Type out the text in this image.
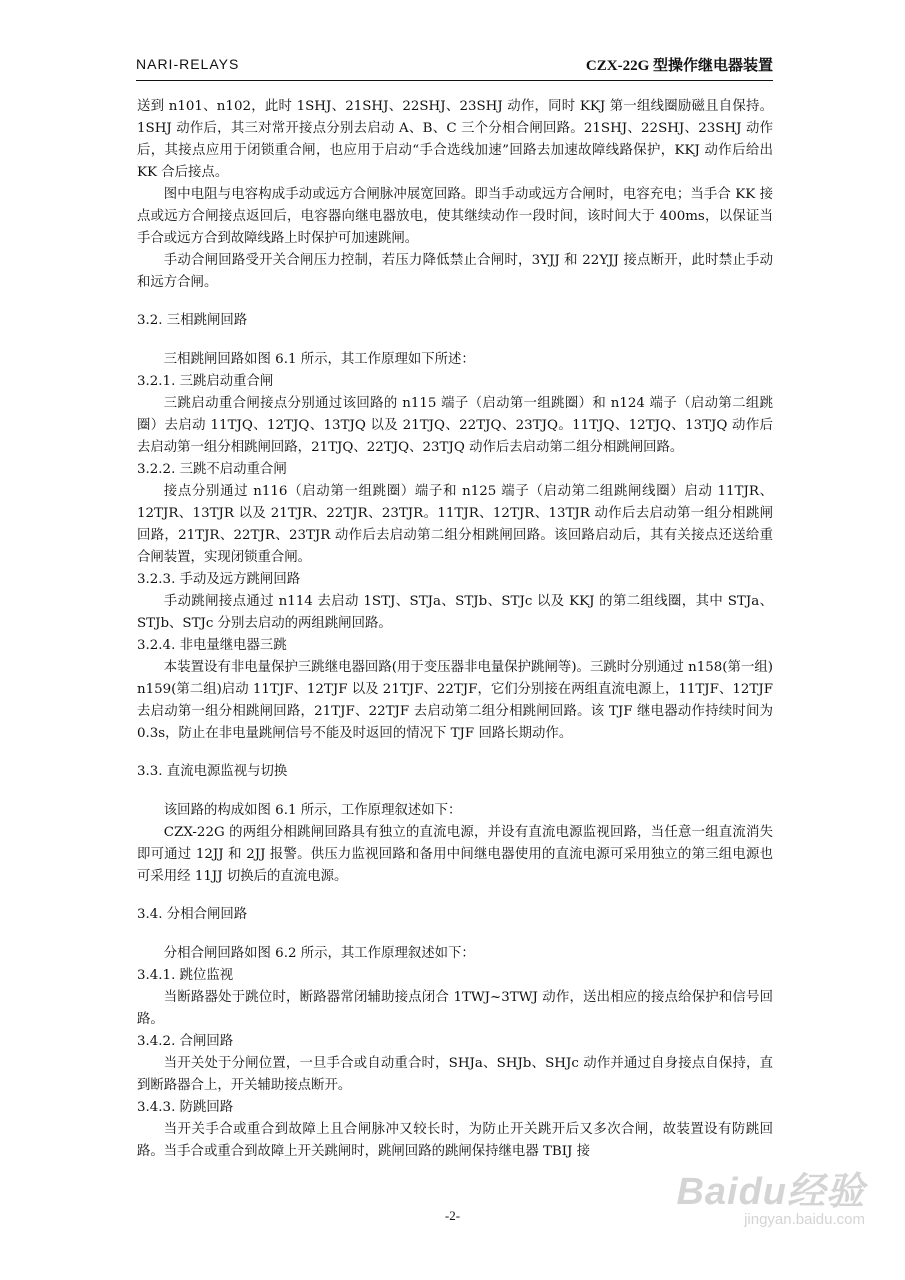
NARI-RELAYS	CZX-22G 型操作继电器装置

送到 n101、n102，此时 1SHJ、21SHJ、22SHJ、23SHJ 动作，同时 KKJ 第一组线圈励磁且自保持。1SHJ 动作后，其三对常开接点分别去启动 A、B、C 三个分相合闸回路。21SHJ、22SHJ、23SHJ 动作后，其接点应用于闭锁重合闸，也应用于启动“手合选线加速”回路去加速故障线路保护，KKJ 动作后给出 KK 合后接点。

图中电阻与电容构成手动或远方合闸脉冲展宽回路。即当手动或远方合闸时，电容充电；当手合 KK 接点或远方合闸接点返回后，电容器向继电器放电，使其继续动作一段时间，该时间大于 400ms，以保证当手合或远方合到故障线路上时保护可加速跳闸。

手动合闸回路受开关合闸压力控制，若压力降低禁止合闸时，3YJJ 和 22YJJ 接点断开，此时禁止手动和远方合闸。

3.2. 三相跳闸回路

三相跳闸回路如图 6.1 所示，其工作原理如下所述：

3.2.1. 三跳启动重合闸

三跳启动重合闸接点分别通过该回路的 n115 端子（启动第一组跳圈）和 n124 端子（启动第二组跳圈）去启动 11TJQ、12TJQ、13TJQ 以及 21TJQ、22TJQ、23TJQ。11TJQ、12TJQ、13TJQ 动作后去启动第一组分相跳闸回路，21TJQ、22TJQ、23TJQ 动作后去启动第二组分相跳闸回路。

3.2.2. 三跳不启动重合闸

接点分别通过 n116（启动第一组跳圈）端子和 n125 端子（启动第二组跳闸线圈）启动 11TJR、12TJR、13TJR 以及 21TJR、22TJR、23TJR。11TJR、12TJR、13TJR 动作后去启动第一组分相跳闸回路，21TJR、22TJR、23TJR 动作后去启动第二组分相跳闸回路。该回路启动后，其有关接点还送给重合闸装置，实现闭锁重合闸。

3.2.3. 手动及远方跳闸回路

手动跳闸接点通过 n114 去启动 1STJ、STJa、STJb、STJc 以及 KKJ 的第二组线圈，其中 STJa、STJb、STJc 分别去启动的两组跳闸回路。

3.2.4. 非电量继电器三跳

本装置设有非电量保护三跳继电器回路(用于变压器非电量保护跳闸等)。三跳时分别通过 n158(第一组) n159(第二组)启动 11TJF、12TJF 以及 21TJF、22TJF，它们分别接在两组直流电源上，11TJF、12TJF 去启动第一组分相跳闸回路，21TJF、22TJF 去启动第二组分相跳闸回路。该 TJF 继电器动作持续时间为 0.3s，防止在非电量跳闸信号不能及时返回的情况下 TJF 回路长期动作。

3.3. 直流电源监视与切换

该回路的构成如图 6.1 所示，工作原理叙述如下：

CZX-22G 的两组分相跳闸回路具有独立的直流电源，并设有直流电源监视回路，当任意一组直流消失即可通过 12JJ 和 2JJ 报警。供压力监视回路和备用中间继电器使用的直流电源可采用独立的第三组电源也可采用经 11JJ 切换后的直流电源。

3.4. 分相合闸回路

分相合闸回路如图 6.2 所示，其工作原理叙述如下：

3.4.1. 跳位监视

当断路器处于跳位时，断路器常闭辅助接点闭合 1TWJ~3TWJ 动作，送出相应的接点给保护和信号回路。

3.4.2. 合闸回路

当开关处于分闸位置，一旦手合或自动重合时，SHJa、SHJb、SHJc 动作并通过自身接点自保持，直到断路器合上，开关辅助接点断开。

3.4.3. 防跳回路

当开关手合或重合到故障上且合闸脉冲又较长时，为防止开关跳开后又多次合闸，故装置设有防跳回路。当手合或重合到故障上开关跳闸时，跳闸回路的跳闸保持继电器 TBIJ 接

-2-
Baidu经验
jingyan.baidu.com
